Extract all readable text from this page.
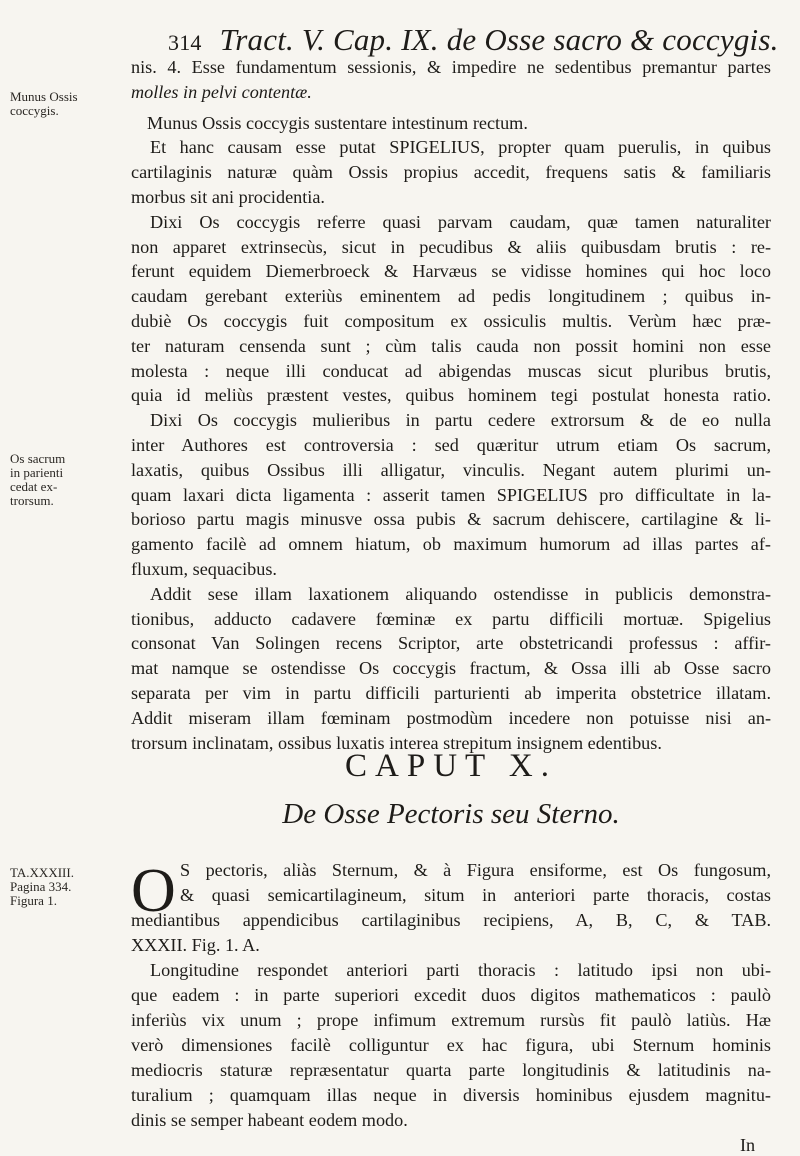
314 Tract. V. Cap. IX. de Osse sacro & coccygis.
Munus Ossis
coccygis.
Os sacrum
in parienti
cedat ex-
trorsum.
TA.XXXIII.
Pagina 334.
Figura 1.
nis. 4. Esse fundamentum sessionis, & impedire ne sedentibus premantur partes
molles in pelvi contentæ.
Munus Ossis coccygis sustentare intestinum rectum.
Et hanc causam esse putat SPIGELIUS, propter quam puerulis, in quibus
cartilaginis naturæ quàm Ossis propius accedit, frequens satis & familiaris
morbus sit ani procidentia.
Dixi Os coccygis referre quasi parvam caudam, quæ tamen naturaliter
non apparet extrinsecùs, sicut in pecudibus & aliis quibusdam brutis : re-
ferunt equidem Diemerbroeck & Harvæus se vidisse homines qui hoc loco
caudam gerebant exteriùs eminentem ad pedis longitudinem ; quibus in-
dubiè Os coccygis fuit compositum ex ossiculis multis. Verùm hæc præ-
ter naturam censenda sunt ; cùm talis cauda non possit homini non esse
molesta : neque illi conducat ad abigendas muscas sicut pluribus brutis,
quia id meliùs præstent vestes, quibus hominem tegi postulat honesta ratio.
Dixi Os coccygis mulieribus in partu cedere extrorsum & de eo nulla
inter Authores est controversia : sed quæritur utrum etiam Os sacrum,
laxatis, quibus Ossibus illi alligatur, vinculis. Negant autem plurimi un-
quam laxari dicta ligamenta : asserit tamen SPIGELIUS pro difficultate in la-
borioso partu magis minusve ossa pubis & sacrum dehiscere, cartilagine & li-
gamento facilè ad omnem hiatum, ob maximum humorum ad illas partes af-
fluxum, sequacibus.
Addit sese illam laxationem aliquando ostendisse in publicis demonstra-
tionibus, adducto cadavere fœminæ ex partu difficili mortuæ. Spigelius
consonat Van Solingen recens Scriptor, arte obstetricandi professus : affir-
mat namque se ostendisse Os coccygis fractum, & Ossa illi ab Osse sacro
separata per vim in partu difficili parturienti ab imperita obstetrice illatam.
Addit miseram illam fœminam postmodùm incedere non potuisse nisi an-
trorsum inclinatam, ossibus luxatis interea strepitum insignem edentibus.
CAPUT X.
De Osse Pectoris seu Sterno.
O S pectoris, aliàs Sternum, & à Figura ensiforme, est Os fungosum,
& quasi semicartilagineum, situm in anteriori parte thoracis, costas
mediantibus appendicibus cartilaginibus recipiens, A, B, C, & TAB.
XXXII. Fig. 1. A.
Longitudine respondet anteriori parti thoracis : latitudo ipsi non ubi-
que eadem : in parte superiori excedit duos digitos mathematicos : paulò
inferiùs vix unum ; prope infimum extremum rursùs fit paulò latiùs. Hæ
verò dimensiones facilè colliguntur ex hac figura, ubi Sternum hominis
mediocris staturæ repræsentatur quarta parte longitudinis & latitudinis na-
turalium ; quamquam illas neque in diversis hominibus ejusdem magnitu-
dinis se semper habeant eodem modo.
In
